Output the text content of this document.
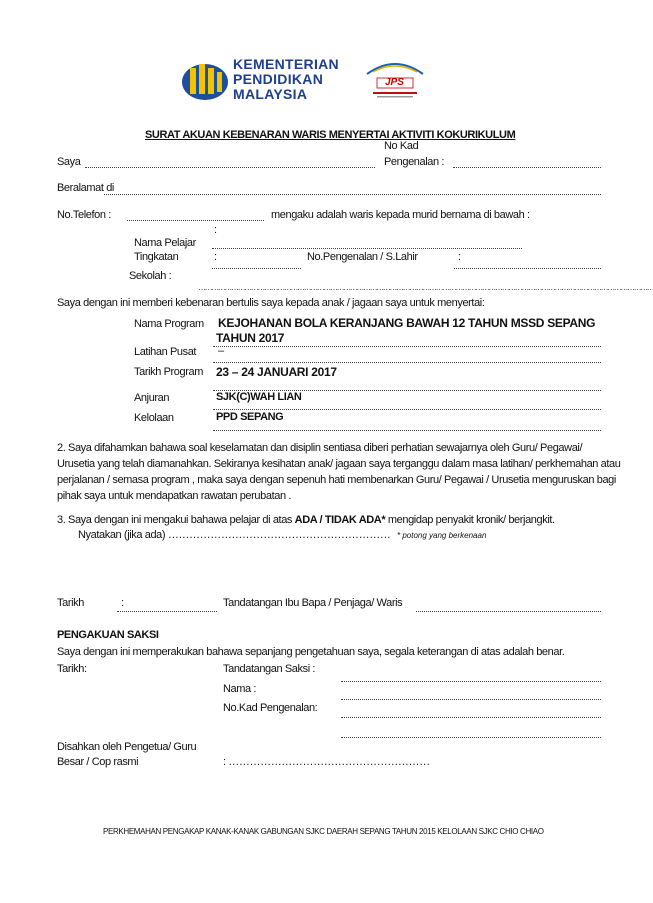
KEMENTERIAN
PENDIDIKAN
MALAYSIA
JPS
SURAT AKUAN KEBENARAN WARIS MENYERTAI AKTIVITI KOKURIKULUM
Saya
No Kad
Pengenalan :
Beralamat di
No.Telefon :	mengaku adalah waris kepada murid bernama di bawah :
:
Nama Pelajar
Tingkatan	:	No.Pengenalan / S.Lahir	:
Sekolah :
………………………………………………………………………………………………………………………………………………………………………………………
Saya dengan ini memberi kebenaran bertulis saya kepada anak / jagaan saya untuk menyertai:
Nama Program KEJOHANAN BOLA KERANJANG BAWAH 12 TAHUN MSSD SEPANG
TAHUN 2017
Latihan Pusat –
Tarikh Program 23 – 24 JANUARI 2017
Anjuran	SJK(C)WAH LIAN
Kelolaan	PPD SEPANG
2. Saya difahamkan bahawa soal keselamatan dan disiplin sentiasa diberi perhatian sewajarnya oleh Guru/ Pegawai/
Urusetia yang telah diamanahkan. Sekiranya kesihatan anak/ jagaan saya terganggu dalam masa latihan/ perkhemahan atau
perjalanan / semasa program , maka saya dengan sepenuh hati membenarkan Guru/ Pegawai / Urusetia menguruskan bagi
pihak saya untuk mendapatkan rawatan perubatan .
3. Saya dengan ini mengakui bahawa pelajar di atas ADA / TIDAK ADA* mengidap penyakit kronik/ berjangkit.
Nyatakan (jika ada) ……………………………………………………… * potong yang berkenaan
Tarikh	:	Tandatangan Ibu Bapa / Penjaga/ Waris
PENGAKUAN SAKSI
Saya dengan ini memperakukan bahawa sepanjang pengetahuan saya, segala keterangan di atas adalah benar.
Tarikh:	Tandatangan Saksi :
Nama :
No.Kad Pengenalan:
Disahkan oleh Pengetua/ Guru
Besar / Cop rasmi	: …………………………………………………
PERKHEMAHAN PENGAKAP KANAK-KANAK GABUNGAN SJKC DAERAH SEPANG TAHUN 2015 KELOLAAN SJKC CHIO CHIAO
